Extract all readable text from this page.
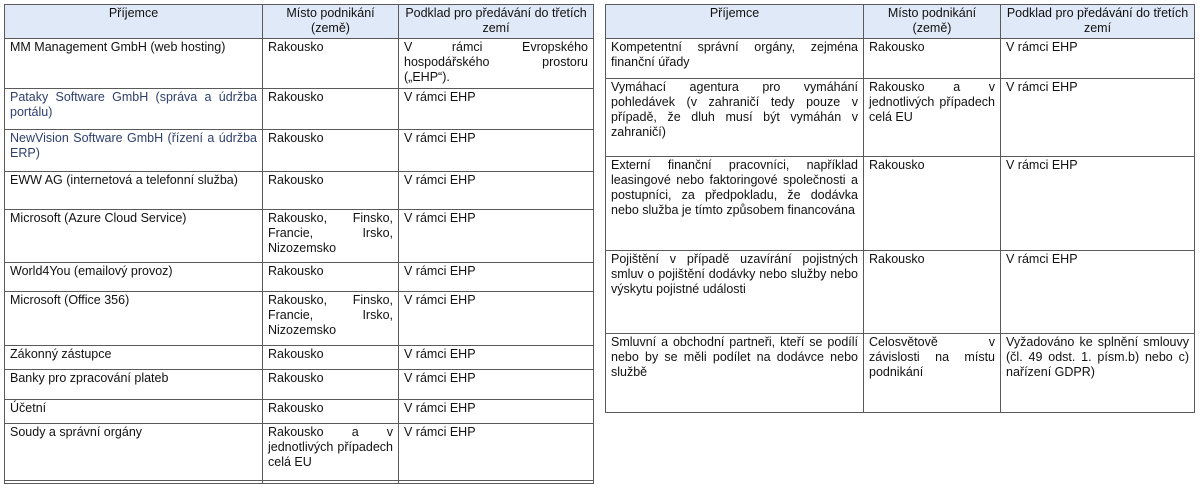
Příjemce	Místo podnikání (země)	Podklad pro předávání do třetích zemí
MM Management GmbH (web hosting)	Rakousko	V rámci Evropského hospodářského prostoru („EHP“).
Pataky Software GmbH (správa a údržba portálu)	Rakousko	V rámci EHP
NewVision Software GmbH (řízení a údržba ERP)	Rakousko	V rámci EHP
EWW AG (internetová a telefonní služba)	Rakousko	V rámci EHP
Microsoft (Azure Cloud Service)	Rakousko, Finsko, Francie, Irsko, Nizozemsko	V rámci EHP
World4You (emailový provoz)	Rakousko	V rámci EHP
Microsoft (Office 356)	Rakousko, Finsko, Francie, Irsko, Nizozemsko	V rámci EHP
Zákonný zástupce	Rakousko	V rámci EHP
Banky pro zpracování plateb	Rakousko	V rámci EHP
Účetní	Rakousko	V rámci EHP
Soudy a správní orgány	Rakousko a v jednotlivých případech celá EU	V rámci EHP

Příjemce	Místo podnikání (země)	Podklad pro předávání do třetích zemí
Kompetentní správní orgány, zejména finanční úřady	Rakousko	V rámci EHP
Vymáhací agentura pro vymáhání pohledávek (v zahraničí tedy pouze v případě, že dluh musí být vymáhán v zahraničí)	Rakousko a v jednotlivých případech celá EU	V rámci EHP
Externí finanční pracovníci, například leasingové nebo faktoringové společnosti a postupníci, za předpokladu, že dodávka nebo služba je tímto způsobem financována	Rakousko	V rámci EHP
Pojištění v případě uzavírání pojistných smluv o pojištění dodávky nebo služby nebo výskytu pojistné události	Rakousko	V rámci EHP
Smluvní a obchodní partneři, kteří se podílí nebo by se měli podílet na dodávce nebo službě	Celosvětově v závislosti na místu podnikání	Vyžadováno ke splnění smlouvy (čl. 49 odst. 1. písm.b) nebo c) nařízení GDPR)
